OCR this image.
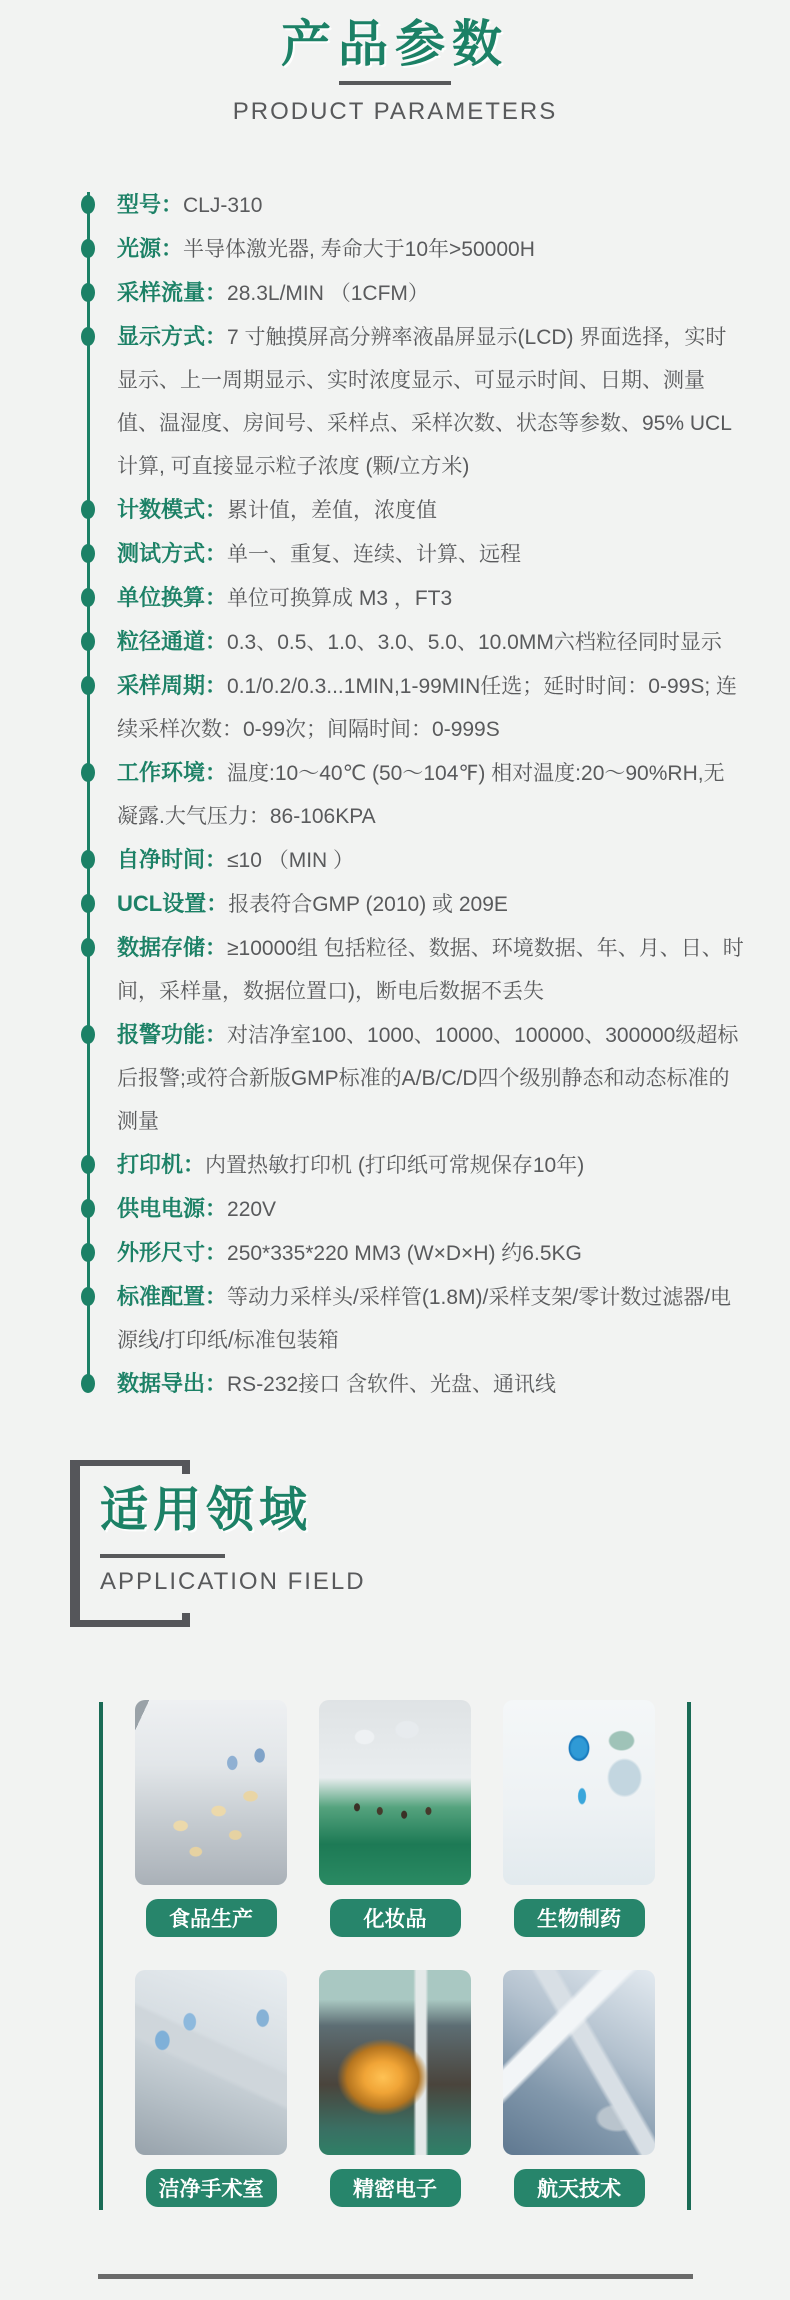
产品参数
PRODUCT PARAMETERS

型号：CLJ-310

光源：半导体激光器, 寿命大于10年>50000H

采样流量：28.3L/MIN （1CFM）

显示方式：7 寸触摸屏高分辨率液晶屏显示(LCD) 界面选择，实时显示、上一周期显示、实时浓度显示、可显示时间、日期、测量值、温湿度、房间号、采样点、采样次数、状态等参数、95% UCL 计算, 可直接显示粒子浓度 (颗/立方米)

计数模式：累计值，差值，浓度值

测试方式：单一、重复、连续、计算、远程

单位换算：单位可换算成 M3 ，FT3

粒径通道：0.3、0.5、1.0、3.0、5.0、10.0MM六档粒径同时显示

采样周期：0.1/0.2/0.3...1MIN,1-99MIN任选；延时时间：0-99S; 连续采样次数：0-99次；间隔时间：0-999S

工作环境：温度:10～40℃ (50～104℉) 相对温度:20～90%RH,无凝露.大气压力：86-106KPA

自净时间：≤10 （MIN ）

UCL设置：报表符合GMP (2010) 或 209E

数据存储：≥10000组 包括粒径、数据、环境数据、年、月、日、时间，采样量，数据位置口)，断电后数据不丢失

报警功能：对洁净室100、1000、10000、100000、300000级超标后报警;或符合新版GMP标准的A/B/C/D四个级别静态和动态标准的测量

打印机：内置热敏打印机 (打印纸可常规保存10年)

供电电源：220V

外形尺寸：250*335*220 MM3 (W×D×H) 约6.5KG

标准配置：等动力采样头/采样管(1.8M)/采样支架/零计数过滤器/电源线/打印纸/标准包装箱

数据导出：RS-232接口 含软件、光盘、通讯线

适用领域
APPLICATION FIELD
食品生产	化妆品	生物制药
洁净手术室	精密电子	航天技术
